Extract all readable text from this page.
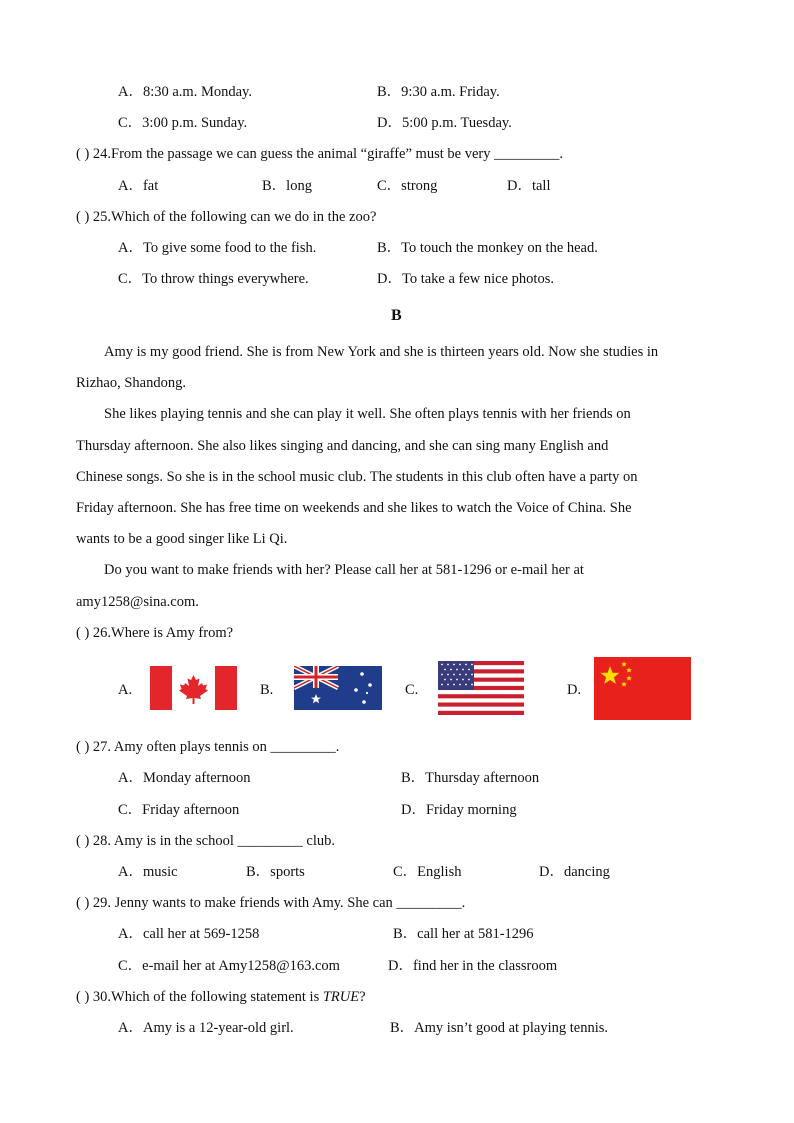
A．8:30 a.m. Monday.	B．9:30 a.m. Friday.
C．3:00 p.m. Sunday.	D．5:00 p.m. Tuesday.
( ) 24.From the passage we can guess the animal “giraffe” must be very _________.
A．fat	B．long	C．strong	D．tall
( ) 25.Which of the following can we do in the zoo?
A．To give some food to the fish.	B．To touch the monkey on the head.
C．To throw things everywhere.	D．To take a few nice photos.
B
Amy is my good friend. She is from New York and she is thirteen years old. Now she studies in
Rizhao, Shandong.
She likes playing tennis and she can play it well. She often plays tennis with her friends on
Thursday afternoon. She also likes singing and dancing, and she can sing many English and
Chinese songs. So she is in the school music club. The students in this club often have a party on
Friday afternoon. She has free time on weekends and she likes to watch the Voice of China. She
wants to be a good singer like Li Qi.
Do you want to make friends with her? Please call her at 581-1296 or e-mail her at
amy1258@sina.com.
( ) 26.Where is Amy from?
A.	B.	C.	D.
( ) 27. Amy often plays tennis on _________.
A．Monday afternoon	B．Thursday afternoon
C．Friday afternoon	D．Friday morning
( ) 28. Amy is in the school _________ club.
A．music	B．sports	C．English	D．dancing
( ) 29. Jenny wants to make friends with Amy. She can _________.
A．call her at 569-1258	B．call her at 581-1296
C．e-mail her at Amy1258@163.com	D．find her in the classroom
( ) 30.Which of the following statement is TRUE?
A．Amy is a 12-year-old girl.	B．Amy isn’t good at playing tennis.
